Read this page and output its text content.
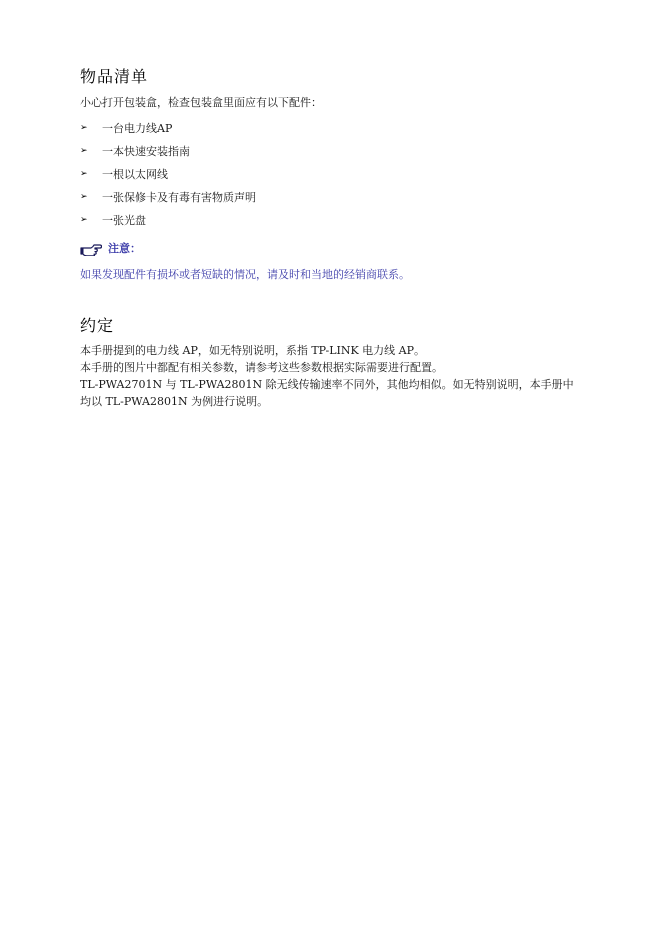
物品清单

小心打开包装盒，检查包装盒里面应有以下配件：

➢	一台电力线AP
➢	一本快速安装指南
➢	一根以太网线
➢	一张保修卡及有毒有害物质声明
➢	一张光盘
注意：

如果发现配件有损坏或者短缺的情况，请及时和当地的经销商联系。

约定

本手册提到的电力线 AP，如无特别说明，系指 TP-LINK 电力线 AP。

本手册的图片中都配有相关参数，请参考这些参数根据实际需要进行配置。

TL-PWA2701N 与 TL-PWA2801N 除无线传输速率不同外，其他均相似。如无特别说明，本手册中

均以 TL-PWA2801N 为例进行说明。
